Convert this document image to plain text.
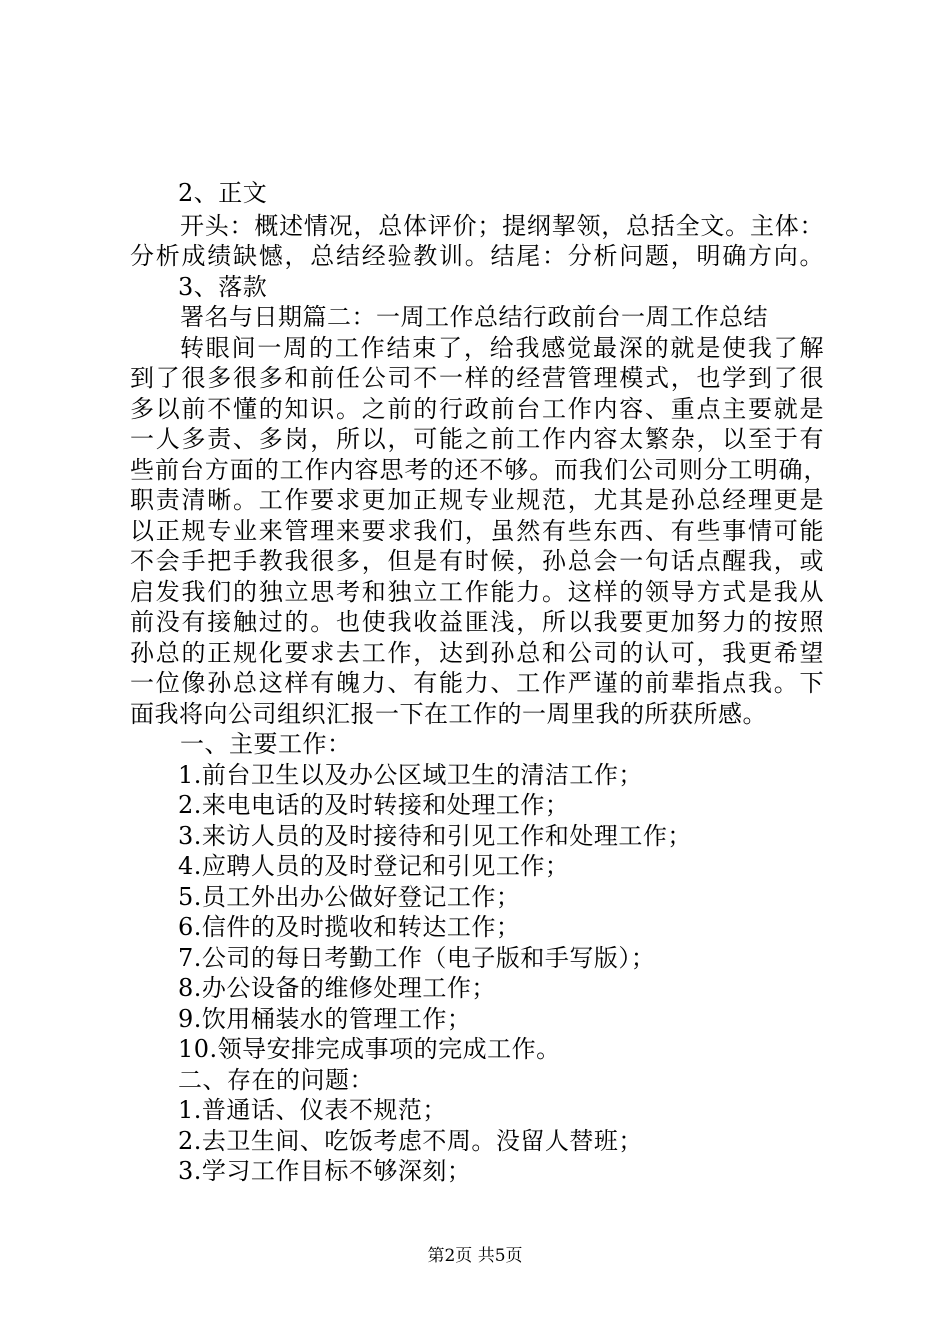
2、正文
开头：概述情况，总体评价；提纲挈领，总括全文。主体：
分析成绩缺憾，总结经验教训。结尾：分析问题，明确方向。
3、落款
署名与日期篇二：一周工作总结行政前台一周工作总结
转眼间一周的工作结束了，给我感觉最深的就是使我了解
到了很多很多和前任公司不一样的经营管理模式，也学到了很
多以前不懂的知识。之前的行政前台工作内容、重点主要就是
一人多责、多岗，所以，可能之前工作内容太繁杂，以至于有
些前台方面的工作内容思考的还不够。而我们公司则分工明确，
职责清晰。工作要求更加正规专业规范，尤其是孙总经理更是
以正规专业来管理来要求我们，虽然有些东西、有些事情可能
不会手把手教我很多，但是有时候，孙总会一句话点醒我，或
启发我们的独立思考和独立工作能力。这样的领导方式是我从
前没有接触过的。也使我收益匪浅，所以我要更加努力的按照
孙总的正规化要求去工作，达到孙总和公司的认可，我更希望
一位像孙总这样有魄力、有能力、工作严谨的前辈指点我。下
面我将向公司组织汇报一下在工作的一周里我的所获所感。
一、主要工作：
1.前台卫生以及办公区域卫生的清洁工作；
2.来电电话的及时转接和处理工作；
3.来访人员的及时接待和引见工作和处理工作；
4.应聘人员的及时登记和引见工作；
5.员工外出办公做好登记工作；
6.信件的及时揽收和转达工作；
7.公司的每日考勤工作（电子版和手写版）；
8.办公设备的维修处理工作；
9.饮用桶装水的管理工作；
10.领导安排完成事项的完成工作。
二、存在的问题：
1.普通话、仪表不规范；
2.去卫生间、吃饭考虑不周。没留人替班；
3.学习工作目标不够深刻；
第2页 共5页
